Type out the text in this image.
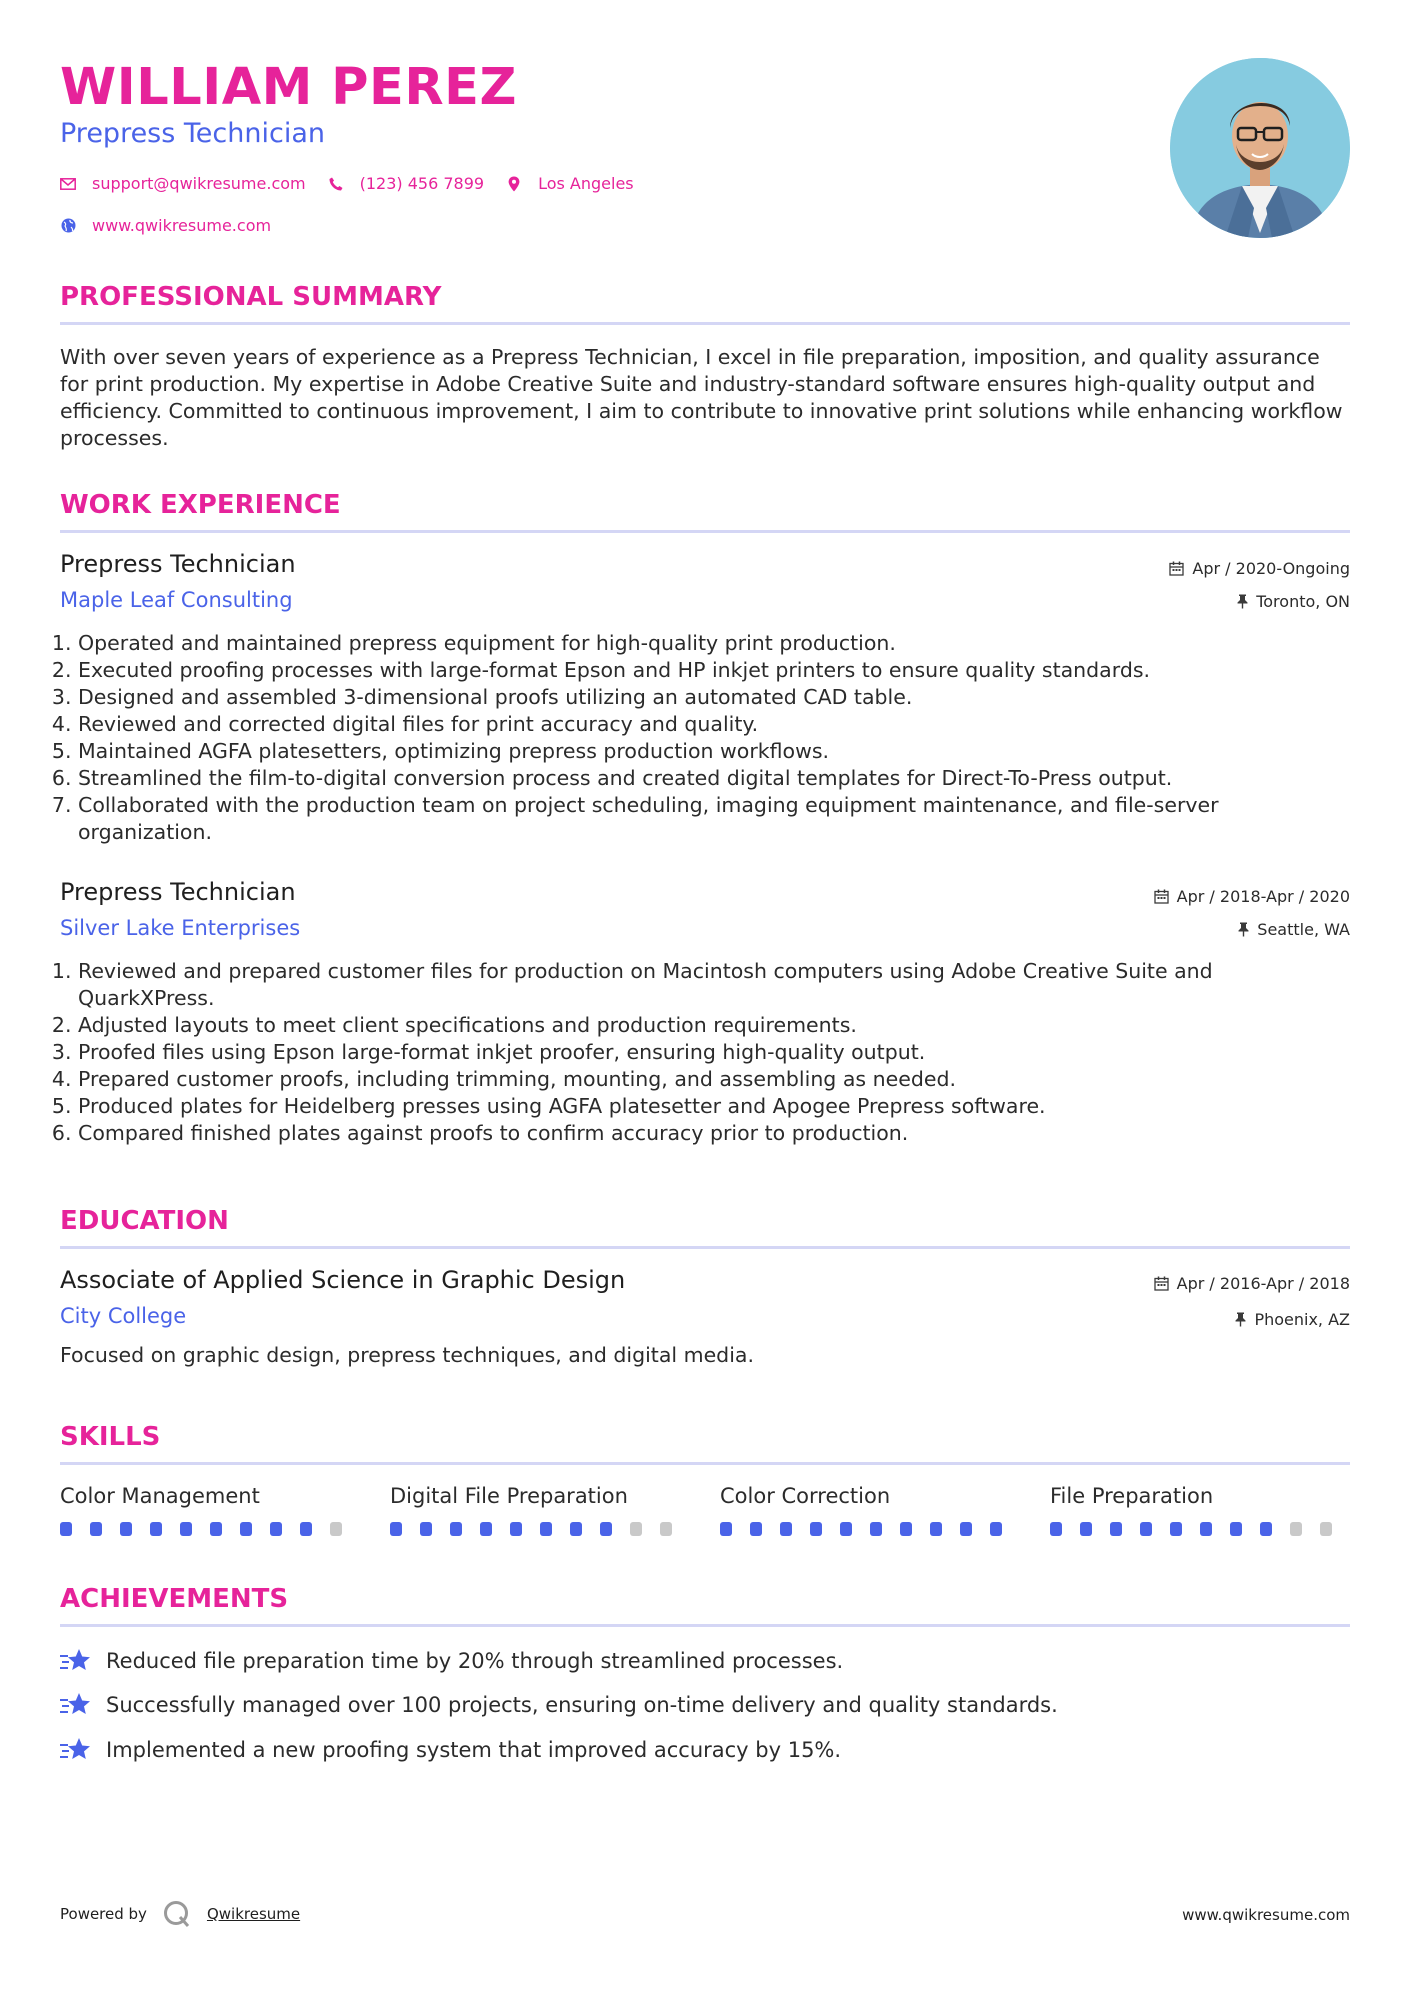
WILLIAM PEREZ
Prepress Technician
support@qwikresume.com	(123) 456 7899	Los Angeles
www.qwikresume.com
PROFESSIONAL SUMMARY
With over seven years of experience as a Prepress Technician, I excel in file preparation, imposition, and quality assurance for print production. My expertise in Adobe Creative Suite and industry-standard software ensures high-quality output and efficiency. Committed to continuous improvement, I aim to contribute to innovative print solutions while enhancing workflow processes.
WORK EXPERIENCE
Prepress Technician	Apr / 2020-Ongoing
Maple Leaf Consulting	Toronto, ON
1. Operated and maintained prepress equipment for high-quality print production.
2. Executed proofing processes with large-format Epson and HP inkjet printers to ensure quality standards.
3. Designed and assembled 3-dimensional proofs utilizing an automated CAD table.
4. Reviewed and corrected digital files for print accuracy and quality.
5. Maintained AGFA platesetters, optimizing prepress production workflows.
6. Streamlined the film-to-digital conversion process and created digital templates for Direct-To-Press output.
7. Collaborated with the production team on project scheduling, imaging equipment maintenance, and file-server organization.
Prepress Technician	Apr / 2018-Apr / 2020
Silver Lake Enterprises	Seattle, WA
1. Reviewed and prepared customer files for production on Macintosh computers using Adobe Creative Suite and QuarkXPress.
2. Adjusted layouts to meet client specifications and production requirements.
3. Proofed files using Epson large-format inkjet proofer, ensuring high-quality output.
4. Prepared customer proofs, including trimming, mounting, and assembling as needed.
5. Produced plates for Heidelberg presses using AGFA platesetter and Apogee Prepress software.
6. Compared finished plates against proofs to confirm accuracy prior to production.
EDUCATION
Associate of Applied Science in Graphic Design	Apr / 2016-Apr / 2018
City College	Phoenix, AZ
Focused on graphic design, prepress techniques, and digital media.
SKILLS
Color Management	Digital File Preparation	Color Correction	File Preparation
ACHIEVEMENTS
Reduced file preparation time by 20% through streamlined processes.
Successfully managed over 100 projects, ensuring on-time delivery and quality standards.
Implemented a new proofing system that improved accuracy by 15%.
Powered by	Qwikresume	www.qwikresume.com
